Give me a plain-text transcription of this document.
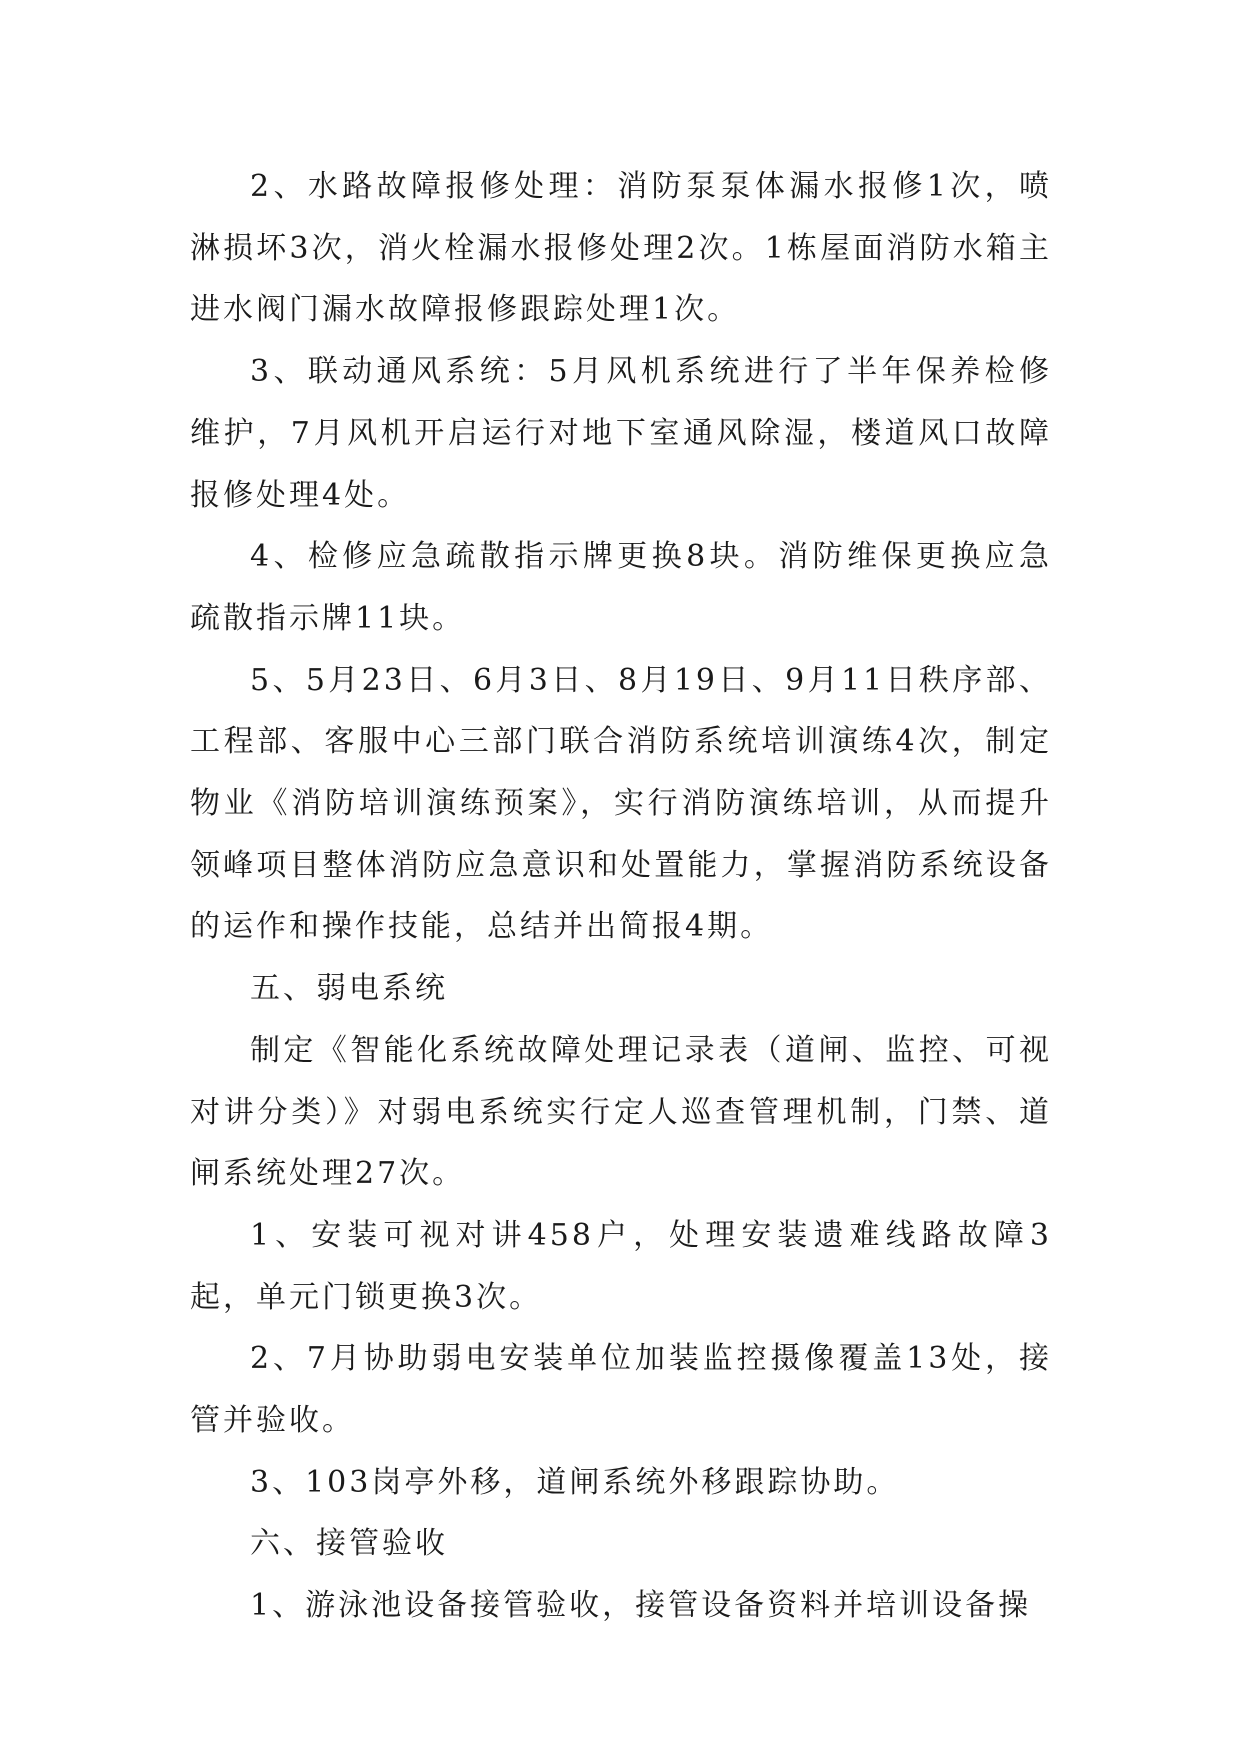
2、水路故障报修处理：消防泵泵体漏水报修1次，喷淋损坏3次，消火栓漏水报修处理2次。1栋屋面消防水箱主进水阀门漏水故障报修跟踪处理1次。

3、联动通风系统：5月风机系统进行了半年保养检修维护，7月风机开启运行对地下室通风除湿，楼道风口故障报修处理4处。

4、检修应急疏散指示牌更换8块。消防维保更换应急疏散指示牌11块。

5、5月23日、6月3日、8月19日、9月11日秩序部、工程部、客服中心三部门联合消防系统培训演练4次，制定物业《消防培训演练预案》，实行消防演练培训，从而提升领峰项目整体消防应急意识和处置能力，掌握消防系统设备的运作和操作技能，总结并出简报4期。

五、弱电系统

制定《智能化系统故障处理记录表（道闸、监控、可视对讲分类）》对弱电系统实行定人巡查管理机制，门禁、道闸系统处理27次。

1、安装可视对讲458户，处理安装遗难线路故障3起，单元门锁更换3次。

2、7月协助弱电安装单位加装监控摄像覆盖13处，接管并验收。

3、103岗亭外移，道闸系统外移跟踪协助。

六、接管验收

1、游泳池设备接管验收，接管设备资料并培训设备操
